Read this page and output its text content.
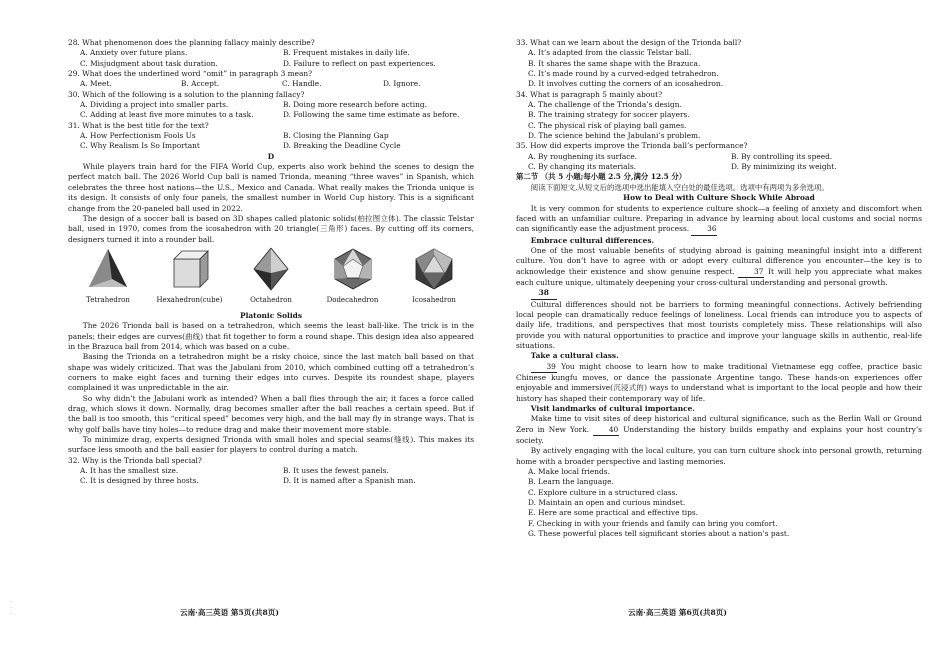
28. What phenomenon does the planning fallacy mainly describe?
A. Anxiety over future plans.	B. Frequent mistakes in daily life.
C. Misjudgment about task duration.	D. Failure to reflect on past experiences.
29. What does the underlined word “omit” in paragraph 3 mean?
A. Meet.	B. Accept.	C. Handle.	D. Ignore.
30. Which of the following is a solution to the planning fallacy?
A. Dividing a project into smaller parts.	B. Doing more research before acting.
C. Adding at least five more minutes to a task.	D. Following the same time estimate as before.
31. What is the best title for the text?
A. How Perfectionism Fools Us	B. Closing the Planning Gap
C. Why Realism Is So Important	D. Breaking the Deadline Cycle
D

While players train hard for the FIFA World Cup, experts also work behind the scenes to design the perfect match ball. The 2026 World Cup ball is named Trionda, meaning “three waves” in Spanish, which celebrates the three host nations—the U.S., Mexico and Canada. What really makes the Trionda unique is its design. It consists of only four panels, the smallest number in World Cup history. This is a significant change from the 20-paneled ball used in 2022.

The design of a soccer ball is based on 3D shapes called platonic solids(柏拉图立体). The classic Telstar ball, used in 1970, comes from the icosahedron with 20 triangle(三角形) faces. By cutting off its corners, designers turned it into a rounder ball.

Tetrahedron	Hexahedron(cube)	Octahedron	Dodecahedron	Icosahedron
Platonic Solids

The 2026 Trionda ball is based on a tetrahedron, which seems the least ball-like. The trick is in the panels; their edges are curves(曲线) that fit together to form a round shape. This design idea also appeared in the Brazuca ball from 2014, which was based on a cube.

Basing the Trionda on a tetrahedron might be a risky choice, since the last match ball based on that shape was widely criticized. That was the Jabulani from 2010, which combined cutting off a tetrahedron’s corners to make eight faces and turning their edges into curves. Despite its roundest shape, players complained it was unpredictable in the air.

So why didn’t the Jabulani work as intended? When a ball flies through the air, it faces a force called drag, which slows it down. Normally, drag becomes smaller after the ball reaches a certain speed. But if the ball is too smooth, this “critical speed” becomes very high, and the ball may fly in strange ways. That is why golf balls have tiny holes—to reduce drag and make their movement more stable.

To minimize drag, experts designed Trionda with small holes and special seams(缝线). This makes its surface less smooth and the ball easier for players to control during a match.

32. Why is the Trionda ball special?
A. It has the smallest size.	B. It uses the fewest panels.
C. It is designed by three hosts.	D. It is named after a Spanish man.
33. What can we learn about the design of the Trionda ball?
A. It’s adapted from the classic Telstar ball.
B. It shares the same shape with the Brazuca.
C. It’s made round by a curved-edged tetrahedron.
D. It involves cutting the corners of an icosahedron.
34. What is paragraph 5 mainly about?
A. The challenge of the Trionda’s design.
B. The training strategy for soccer players.
C. The physical risk of playing ball games.
D. The science behind the Jabulani’s problem.
35. How did experts improve the Trionda ball’s performance?
A. By roughening its surface.	B. By controlling its speed.
C. By changing its materials.	D. By minimizing its weight.
第二节 （共 5 小题;每小题 2.5 分,满分 12.5 分）
阅读下面短文,从短文后的选项中选出能填入空白处的最佳选项。选项中有两项为多余选项。
How to Deal with Culture Shock While Abroad

It is very common for students to experience culture shock—a feeling of anxiety and discomfort when faced with an unfamiliar culture. Preparing in advance by learning about local customs and social norms can significantly ease the adjustment process. 36

Embrace cultural differences.

One of the most valuable benefits of studying abroad is gaining meaningful insight into a different culture. You don’t have to agree with or adopt every cultural difference you encounter—the key is to acknowledge their existence and show genuine respect.	37 It will help you appreciate what makes each culture unique, ultimately deepening your cross-cultural understanding and personal growth.

38

Cultural differences should not be barriers to forming meaningful connections. Actively befriending local people can dramatically reduce feelings of loneliness. Local friends can introduce you to aspects of daily life, traditions, and perspectives that most tourists completely miss. These relationships will also provide you with natural opportunities to practice and improve your language skills in authentic, real-life situations.

Take a cultural class.

39 You might choose to learn how to make traditional Vietnamese egg coffee, practice basic Chinese kungfu moves, or dance the passionate Argentine tango. These hands-on experiences offer enjoyable and immersive(沉浸式的) ways to understand what is important to the local people and how their history has shaped their contemporary way of life.

Visit landmarks of cultural importance.

Make time to visit sites of deep historical and cultural significance, such as the Berlin Wall or Ground Zero in New York.	40 Understanding the history builds empathy and explains your host country’s society.

By actively engaging with the local culture, you can turn culture shock into personal growth, returning home with a broader perspective and lasting memories.

A. Make local friends.
B. Learn the language.
C. Explore culture in a structured class.
D. Maintain an open and curious mindset.
E. Here are some practical and effective tips.
F. Checking in with your friends and family can bring you comfort.
G. These powerful places tell significant stories about a nation’s past.
云南·高三英语 第5页(共8页)	云南·高三英语 第6页(共8页)
·
·
·
